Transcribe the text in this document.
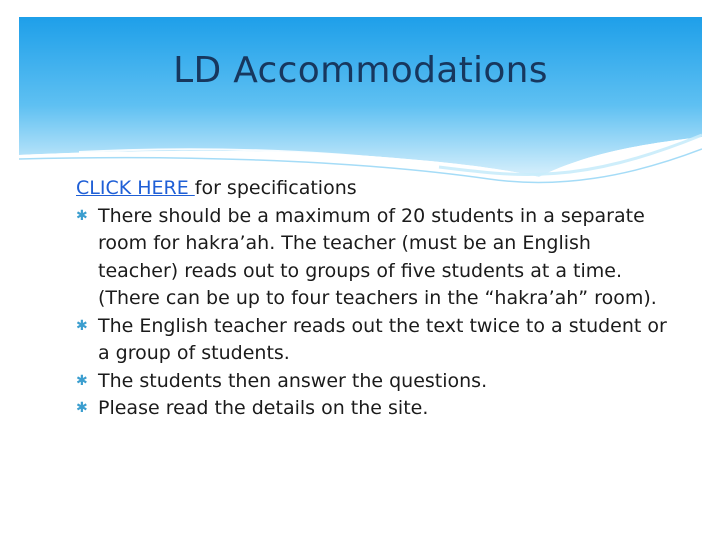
LD Accommodations

CLICK HERE for specifications

✱ There should be a maximum of 20 students in a separate room for hakra’ah. The teacher (must be an English teacher) reads out to groups of five students at a time. (There can be up to four teachers in the “hakra’ah” room).
✱ The English teacher reads out the text twice to a student or a group of students.
✱ The students then answer the questions.
✱ Please read the details on the site.
